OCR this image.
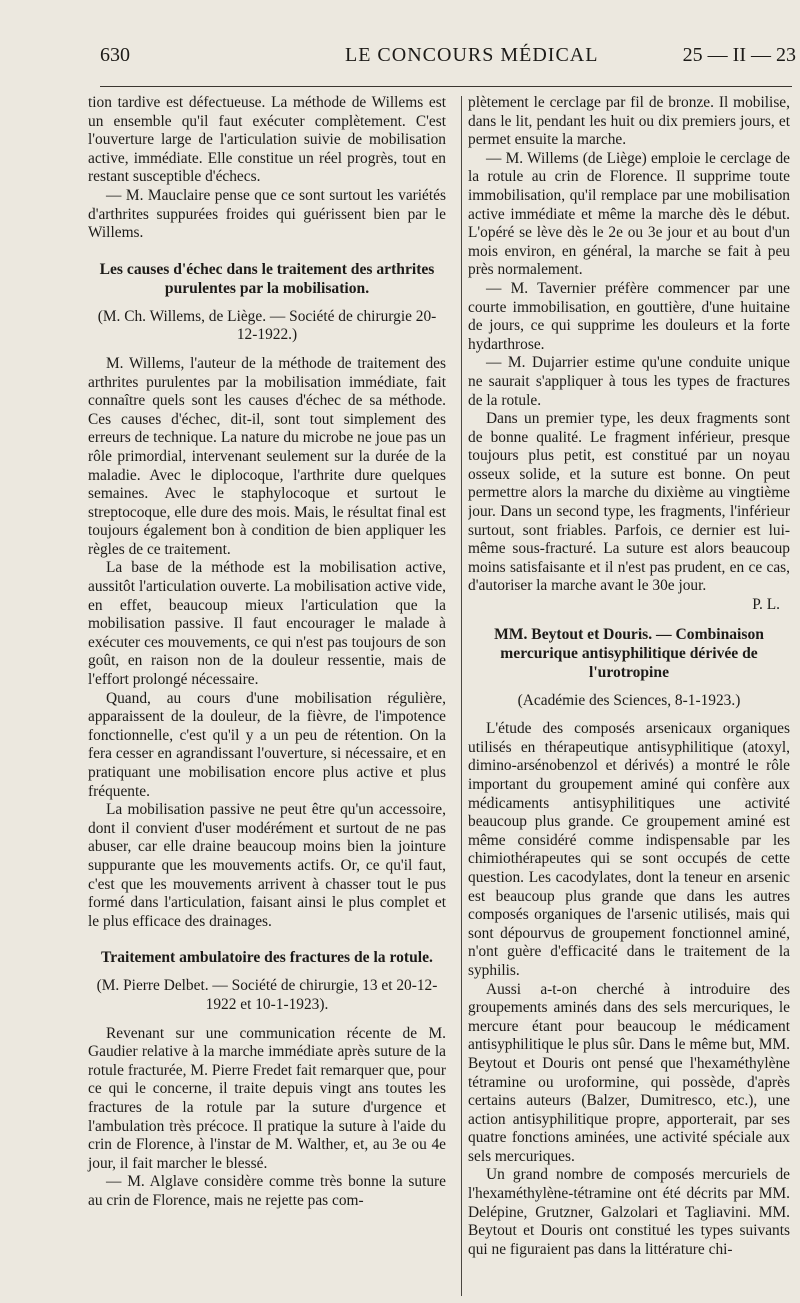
630	LE CONCOURS MÉDICAL	25 — II — 23

tion tardive est défectueuse. La méthode de Willems est un ensemble qu'il faut exécuter complètement. C'est l'ouverture large de l'articulation suivie de mobilisation active, immédiate. Elle constitue un réel progrès, tout en restant susceptible d'échecs.

— M. Mauclaire pense que ce sont surtout les variétés d'arthrites suppurées froides qui guérissent bien par le Willems.

Les causes d'échec dans le traitement des arthrites purulentes par la mobilisation.

(M. Ch. Willems, de Liège. — Société de chirurgie 20-12-1922.)

M. Willems, l'auteur de la méthode de traitement des arthrites purulentes par la mobilisation immédiate, fait connaître quels sont les causes d'échec de sa méthode. Ces causes d'échec, dit-il, sont tout simplement des erreurs de technique. La nature du microbe ne joue pas un rôle primordial, intervenant seulement sur la durée de la maladie. Avec le diplocoque, l'arthrite dure quelques semaines. Avec le staphylocoque et surtout le streptocoque, elle dure des mois. Mais, le résultat final est toujours également bon à condition de bien appliquer les règles de ce traitement.

La base de la méthode est la mobilisation active, aussitôt l'articulation ouverte. La mobilisation active vide, en effet, beaucoup mieux l'articulation que la mobilisation passive. Il faut encourager le malade à exécuter ces mouvements, ce qui n'est pas toujours de son goût, en raison non de la douleur ressentie, mais de l'effort prolongé nécessaire.

Quand, au cours d'une mobilisation régulière, apparaissent de la douleur, de la fièvre, de l'impotence fonctionnelle, c'est qu'il y a un peu de rétention. On la fera cesser en agrandissant l'ouverture, si nécessaire, et en pratiquant une mobilisation encore plus active et plus fréquente.

La mobilisation passive ne peut être qu'un accessoire, dont il convient d'user modérément et surtout de ne pas abuser, car elle draine beaucoup moins bien la jointure suppurante que les mouvements actifs. Or, ce qu'il faut, c'est que les mouvements arrivent à chasser tout le pus formé dans l'articulation, faisant ainsi le plus complet et le plus efficace des drainages.

Traitement ambulatoire des fractures de la rotule.

(M. Pierre Delbet. — Société de chirurgie, 13 et 20-12-1922 et 10-1-1923).

Revenant sur une communication récente de M. Gaudier relative à la marche immédiate après suture de la rotule fracturée, M. Pierre Fredet fait remarquer que, pour ce qui le concerne, il traite depuis vingt ans toutes les fractures de la rotule par la suture d'urgence et l'ambulation très précoce. Il pratique la suture à l'aide du crin de Florence, à l'instar de M. Walther, et, au 3e ou 4e jour, il fait marcher le blessé.

— M. Alglave considère comme très bonne la suture au crin de Florence, mais ne rejette pas com-

plètement le cerclage par fil de bronze. Il mobilise, dans le lit, pendant les huit ou dix premiers jours, et permet ensuite la marche.

— M. Willems (de Liège) emploie le cerclage de la rotule au crin de Florence. Il supprime toute immobilisation, qu'il remplace par une mobilisation active immédiate et même la marche dès le début. L'opéré se lève dès le 2e ou 3e jour et au bout d'un mois environ, en général, la marche se fait à peu près normalement.

— M. Tavernier préfère commencer par une courte immobilisation, en gouttière, d'une huitaine de jours, ce qui supprime les douleurs et la forte hydarthrose.

— M. Dujarrier estime qu'une conduite unique ne saurait s'appliquer à tous les types de fractures de la rotule.

Dans un premier type, les deux fragments sont de bonne qualité. Le fragment inférieur, presque toujours plus petit, est constitué par un noyau osseux solide, et la suture est bonne. On peut permettre alors la marche du dixième au vingtième jour. Dans un second type, les fragments, l'inférieur surtout, sont friables. Parfois, ce dernier est lui-même sous-fracturé. La suture est alors beaucoup moins satisfaisante et il n'est pas prudent, en ce cas, d'autoriser la marche avant le 30e jour.

P. L.

MM. Beytout et Douris. — Combinaison mercurique antisyphilitique dérivée de l'urotropine

(Académie des Sciences, 8-1-1923.)

L'étude des composés arsenicaux organiques utilisés en thérapeutique antisyphilitique (atoxyl, dimino-arsénobenzol et dérivés) a montré le rôle important du groupement aminé qui confère aux médicaments antisyphilitiques une activité beaucoup plus grande. Ce groupement aminé est même considéré comme indispensable par les chimiothérapeutes qui se sont occupés de cette question. Les cacodylates, dont la teneur en arsenic est beaucoup plus grande que dans les autres composés organiques de l'arsenic utilisés, mais qui sont dépourvus de groupement fonctionnel aminé, n'ont guère d'efficacité dans le traitement de la syphilis.

Aussi a-t-on cherché à introduire des groupements aminés dans des sels mercuriques, le mercure étant pour beaucoup le médicament antisyphilitique le plus sûr. Dans le même but, MM. Beytout et Douris ont pensé que l'hexaméthylène tétramine ou uroformine, qui possède, d'après certains auteurs (Balzer, Dumitresco, etc.), une action antisyphilitique propre, apporterait, par ses quatre fonctions aminées, une activité spéciale aux sels mercuriques.

Un grand nombre de composés mercuriels de l'hexaméthylène-tétramine ont été décrits par MM. Delépine, Grutzner, Galzolari et Tagliavini. MM. Beytout et Douris ont constitué les types suivants qui ne figuraient pas dans la littérature chi-
